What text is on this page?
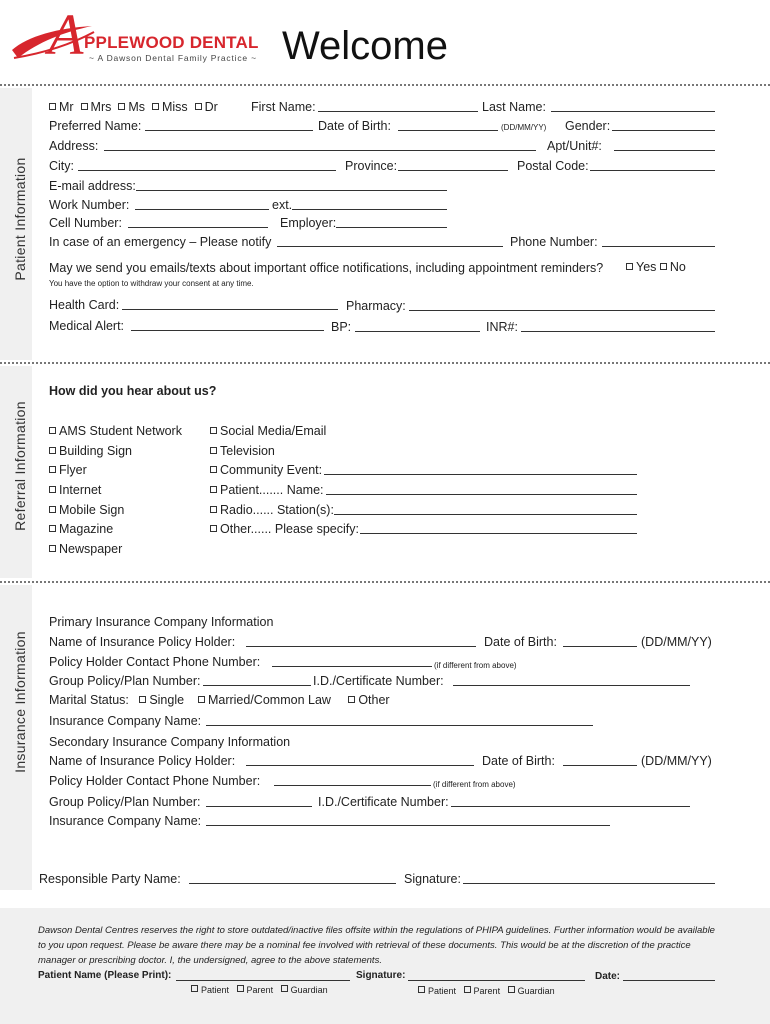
A PPLEWOOD DENTAL
~ A Dawson Dental Family Practice ~ Welcome
Patient Information
Referral Information
Insurance Information
Mr Mrs Ms Miss Dr	First Name:	Last Name:
Preferred Name:	Date of Birth:	(DD/MM/YY) Gender:
Address:	Apt/Unit#:
City:	Province:	Postal Code:
E-mail address:
Work Number:	ext.
Cell Number:	Employer:
In case of an emergency – Please notify	Phone Number:
May we send you emails/texts about important office notifications, including appointment reminders?	Yes No
You have the option to withdraw your consent at any time.
Health Card:	Pharmacy:
Medical Alert:	BP:	INR#:
How did you hear about us?
AMS Student Network
Building Sign
Flyer
Internet
Mobile Sign
Magazine
Newspaper
Social Media/Email
Television
Community Event:
Patient....... Name:
Radio...... Station(s):
Other...... Please specify:
Primary Insurance Company Information
Name of Insurance Policy Holder:	Date of Birth:	(DD/MM/YY)
Policy Holder Contact Phone Number:	(if different from above)
Group Policy/Plan Number:	I.D./Certificate Number:
Marital Status: Single Married/Common Law Other
Insurance Company Name:
Secondary Insurance Company Information
Name of Insurance Policy Holder:	Date of Birth:	(DD/MM/YY)
Policy Holder Contact Phone Number:	(if different from above)
Group Policy/Plan Number:	I.D./Certificate Number:
Insurance Company Name:
Responsible Party Name:	Signature:
Dawson Dental Centres reserves the right to store outdated/inactive files offsite within the regulations of PHIPA guidelines. Further information would be available to you upon request. Please be aware there may be a nominal fee involved with retrieval of these documents. This would be at the discretion of the practice manager or prescribing doctor. I, the undersigned, agree to the above statements.
Patient Name (Please Print):	Signature:	Date:
Patient Parent Guardian	Patient Parent Guardian
